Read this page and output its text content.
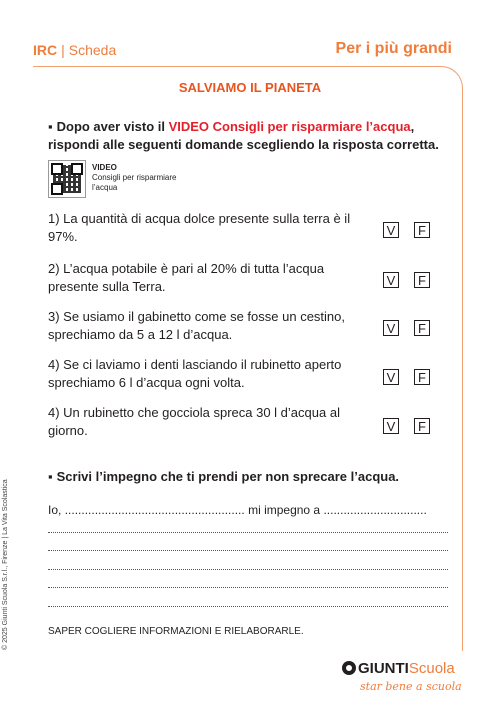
IRC | Scheda	Per i più grandi
SALVIAMO IL PIANETA
▪ Dopo aver visto il VIDEO Consigli per risparmiare l’acqua, rispondi alle seguenti domande scegliendo la risposta corretta.
VIDEO
Consigli per risparmiare l’acqua
1) La quantità di acqua dolce presente sulla terra è il 97%.	V	F
2) L’acqua potabile è pari al 20% di tutta l’acqua presente sulla Terra.	V	F
3) Se usiamo il gabinetto come se fosse un cestino, sprechiamo da 5 a 12 l d’acqua.	V	F
4) Se ci laviamo i denti lasciando il rubinetto aperto sprechiamo 6 l d’acqua ogni volta.	V	F
4) Un rubinetto che gocciola spreca 30 l d’acqua al giorno.	V	F
▪ Scrivi l’impegno che ti prendi per non sprecare l’acqua.
Io, ...................................................... mi impegno a ...............................
SAPER COGLIERE INFORMAZIONI E RIELABORARLE.
© 2025 Giunti Scuola S.r.l., Firenze | La Vita Scolastica
GIUNTIScuola
star bene a scuola
